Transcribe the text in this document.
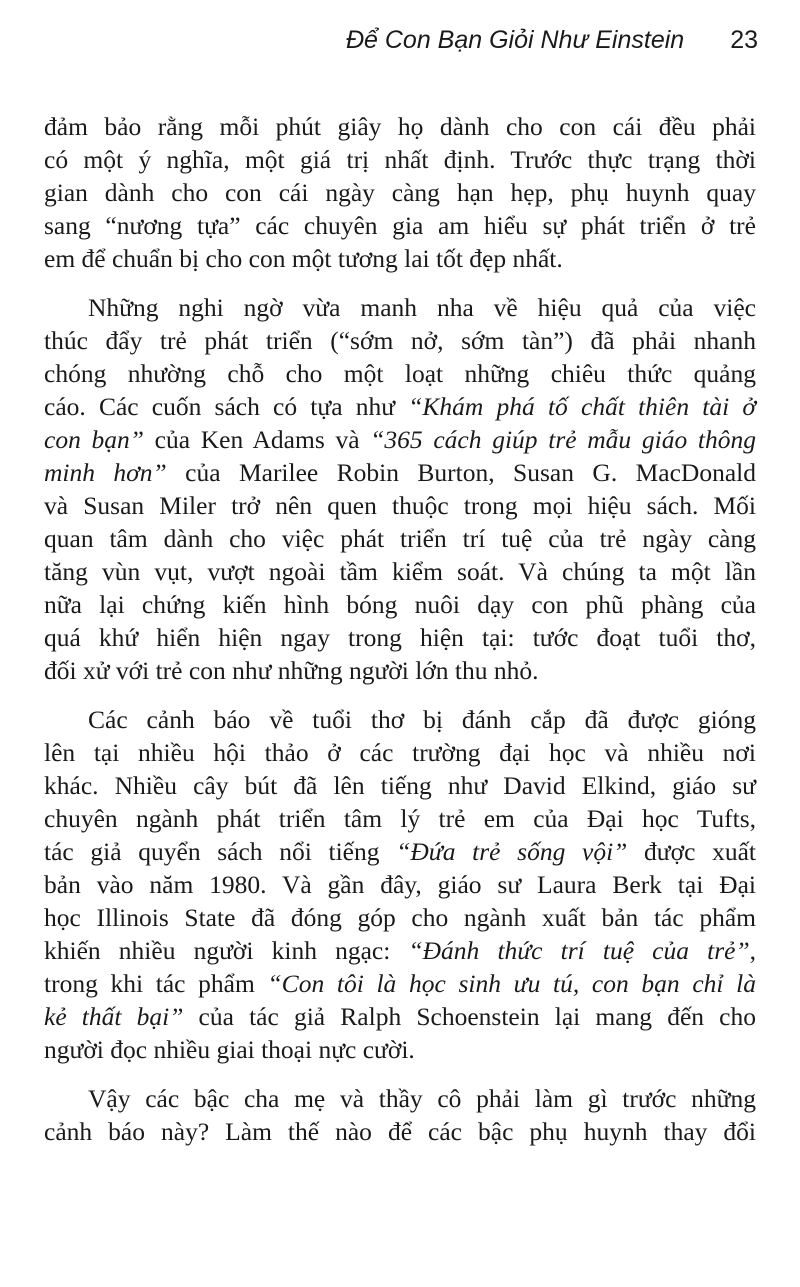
Để Con Bạn Giỏi Như Einstein 23
đảm bảo rằng mỗi phút giây họ dành cho con cái đều phải
có một ý nghĩa, một giá trị nhất định. Trước thực trạng thời
gian dành cho con cái ngày càng hạn hẹp, phụ huynh quay
sang “nương tựa” các chuyên gia am hiểu sự phát triển ở trẻ
em để chuẩn bị cho con một tương lai tốt đẹp nhất.
Những nghi ngờ vừa manh nha về hiệu quả của việc
thúc đẩy trẻ phát triển (“sớm nở, sớm tàn”) đã phải nhanh
chóng nhường chỗ cho một loạt những chiêu thức quảng
cáo. Các cuốn sách có tựa như “Khám phá tố chất thiên tài ở
con bạn” của Ken Adams và “365 cách giúp trẻ mẫu giáo thông
minh hơn” của Marilee Robin Burton, Susan G. MacDonald
và Susan Miler trở nên quen thuộc trong mọi hiệu sách. Mối
quan tâm dành cho việc phát triển trí tuệ của trẻ ngày càng
tăng vùn vụt, vượt ngoài tầm kiểm soát. Và chúng ta một lần
nữa lại chứng kiến hình bóng nuôi dạy con phũ phàng của
quá khứ hiển hiện ngay trong hiện tại: tước đoạt tuổi thơ,
đối xử với trẻ con như những người lớn thu nhỏ.
Các cảnh báo về tuổi thơ bị đánh cắp đã được gióng
lên tại nhiều hội thảo ở các trường đại học và nhiều nơi
khác. Nhiều cây bút đã lên tiếng như David Elkind, giáo sư
chuyên ngành phát triển tâm lý trẻ em của Đại học Tufts,
tác giả quyển sách nổi tiếng “Đứa trẻ sống vội” được xuất
bản vào năm 1980. Và gần đây, giáo sư Laura Berk tại Đại
học Illinois State đã đóng góp cho ngành xuất bản tác phẩm
khiến nhiều người kinh ngạc: “Đánh thức trí tuệ của trẻ”,
trong khi tác phẩm “Con tôi là học sinh ưu tú, con bạn chỉ là
kẻ thất bại” của tác giả Ralph Schoenstein lại mang đến cho
người đọc nhiều giai thoại nực cười.
Vậy các bậc cha mẹ và thầy cô phải làm gì trước những
cảnh báo này? Làm thế nào để các bậc phụ huynh thay đổi
